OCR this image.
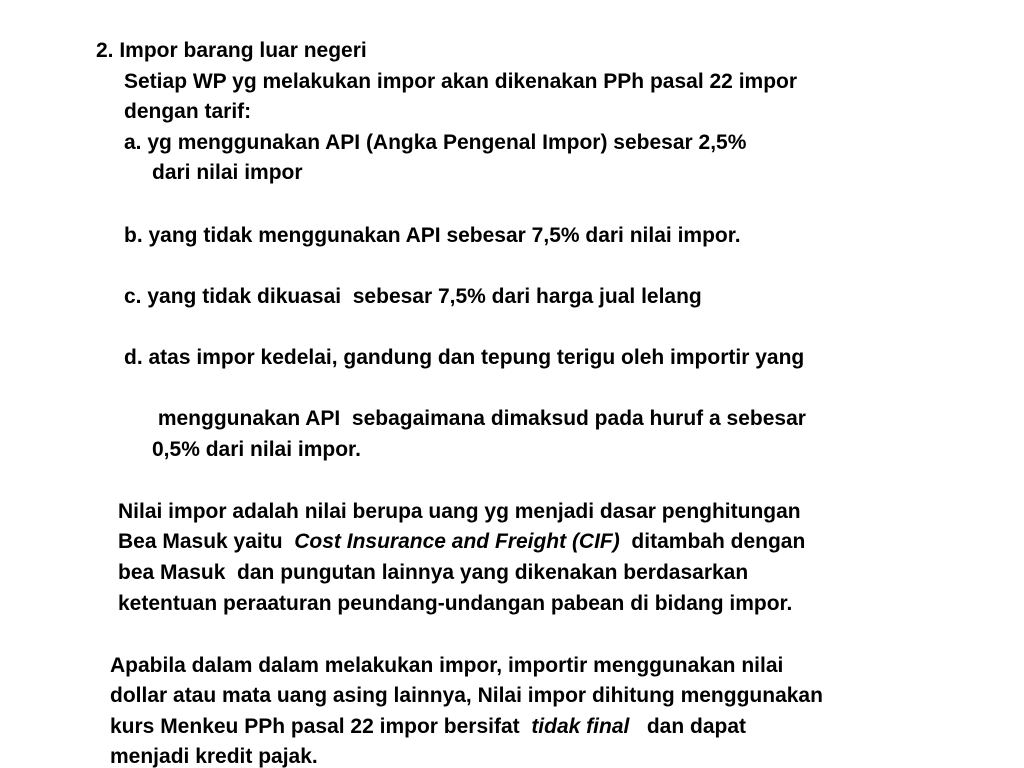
2. Impor barang luar negeri
Setiap WP yg melakukan impor akan dikenakan PPh pasal 22 impor
dengan tarif:
a. yg menggunakan API (Angka Pengenal Impor) sebesar 2,5%
dari nilai impor
b. yang tidak menggunakan API sebesar 7,5% dari nilai impor.
c. yang tidak dikuasai  sebesar 7,5% dari harga jual lelang
d. atas impor kedelai, gandung dan tepung terigu oleh importir yang
menggunakan API  sebagaimana dimaksud pada huruf a sebesar
0,5% dari nilai impor.
Nilai impor adalah nilai berupa uang yg menjadi dasar penghitungan
Bea Masuk yaitu  Cost Insurance and Freight (CIF)  ditambah dengan
bea Masuk  dan pungutan lainnya yang dikenakan berdasarkan
ketentuan peraaturan peundang-undangan pabean di bidang impor.
Apabila dalam dalam melakukan impor, importir menggunakan nilai
dollar atau mata uang asing lainnya, Nilai impor dihitung menggunakan
kurs Menkeu PPh pasal 22 impor bersifat  tidak final   dan dapat
menjadi kredit pajak.
